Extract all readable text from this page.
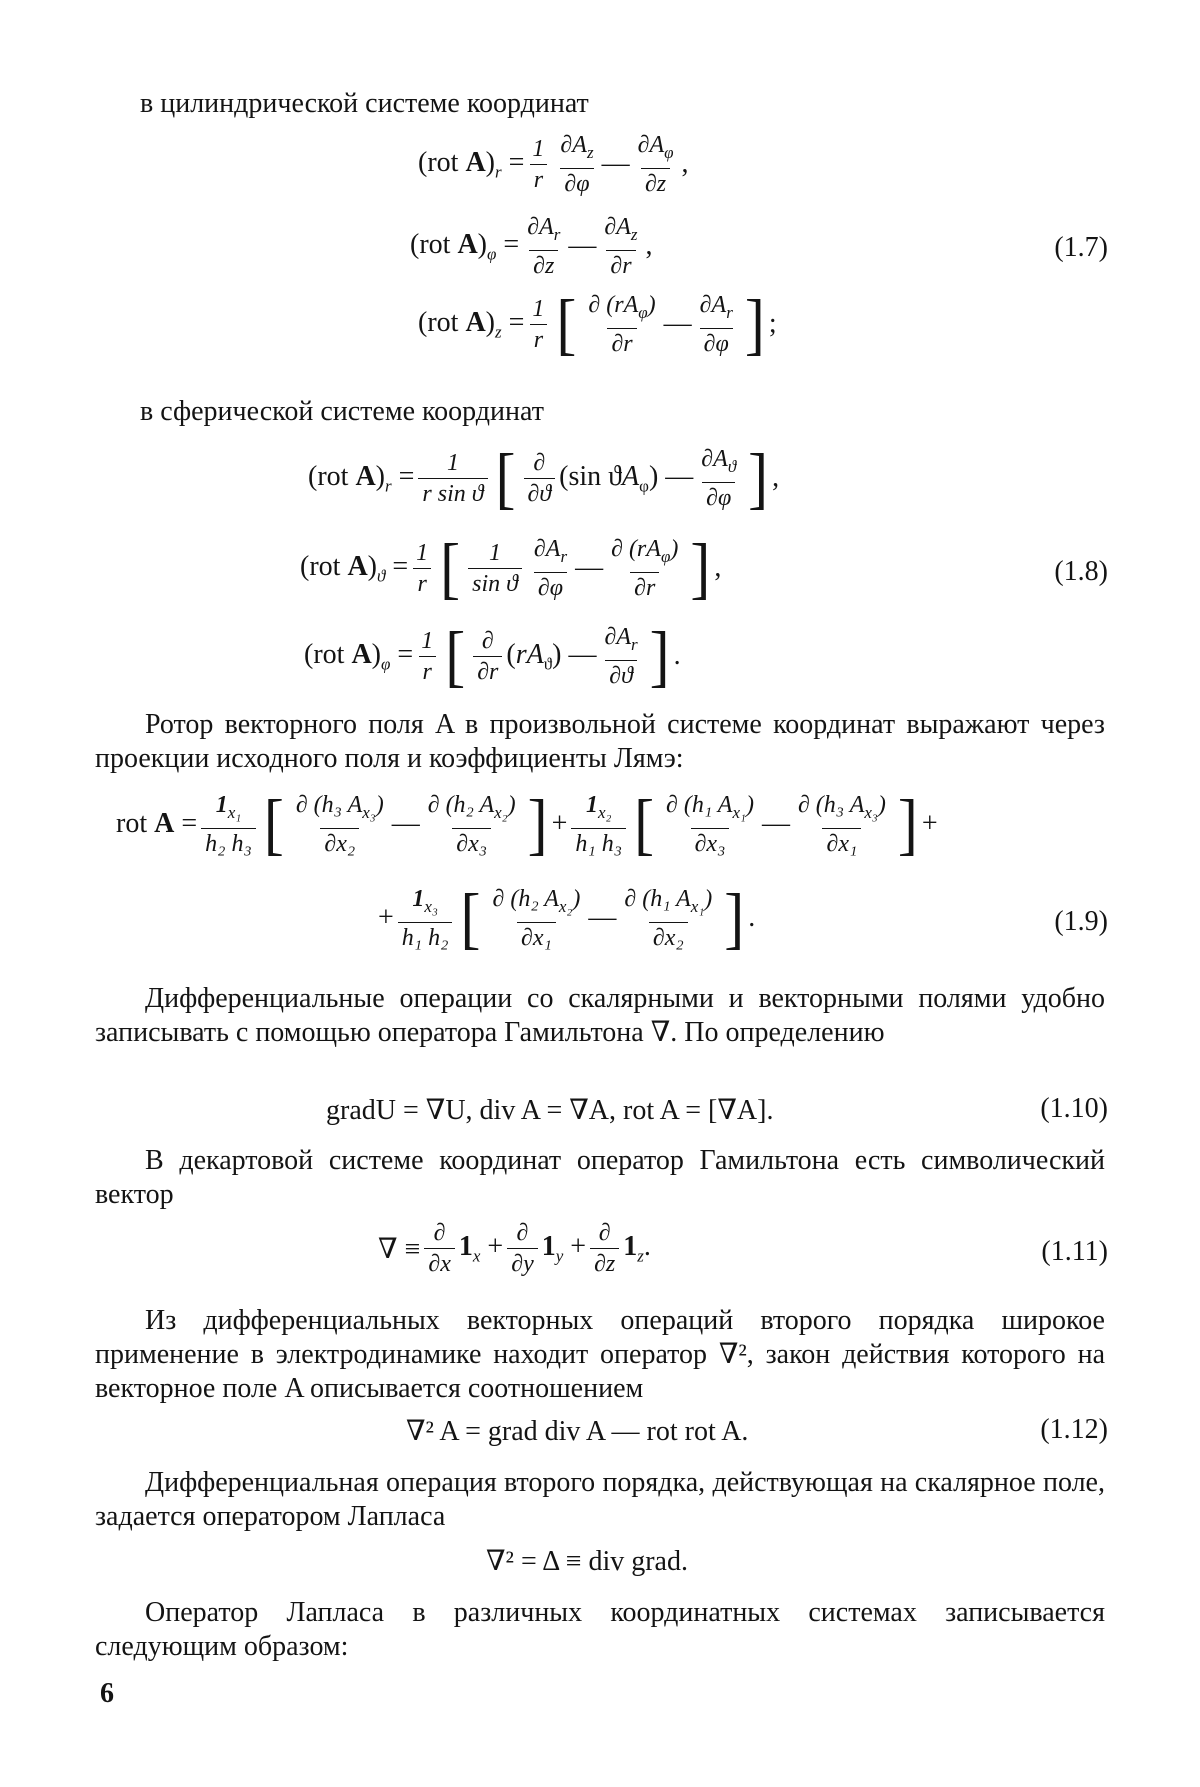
в цилиндрической системе координат
(rot $A)_r = \frac{1}{r} \frac{\partial A_z}{\partial\varphi}$ — $\frac{\partial A_\varphi}{\partial z}$ ,
(rot $A)_\varphi = \frac{\partial A_r}{\partial z}$ — $\frac{\partial A_z}{\partial r}$ ,	(1.7)
(rot $A)_z = \frac{1}{r}$ [ $\frac{\partial (rA_\varphi)}{\partial r}$ — $\frac{\partial A_r}{\partial\varphi}$ ] ;
в сферической системе координат
(rot $A)_r = \frac{1}{\text{r sin ϑ}}$ [ $\frac{\partial}{\partial ϑ} (\sin$ $ϑA_\varphi$) — $\frac{\partial A_ϑ}{\partial\varphi}$ ] ,
(rot $A)_ϑ = \frac{1}{r}$ [ $\frac{1}{\text{sin ϑ}} \frac{\partial A_r}{\partial\varphi}$ — $\frac{\partial (rA_\varphi)}{\partial r}$ ] ,	(1.8)
(rot $A)_\varphi = \frac{1}{r}$ [ $\frac{\partial}{\partial r} (rA_ϑ)$ — $\frac{\partial A_r}{\partial ϑ}$ ] .
Ротор векторного поля A в произвольной системе координат выражают через проекции исходного поля и коэффициенты Лямэ:
rot $A = \frac{1_{x_1}}{\text{h₂ h₃}}$ [ $\frac{\partial (h_3 A_{x_3})}{\text{∂x₂}}$ — $\frac{\partial (h_2 A_{x_2})}{\text{∂x₃}}$ ] + $\frac{1_{x_2}}{\text{h₁ h₃}}$ [ $\frac{\partial (h_1 A_{x_1})}{\text{∂x₃}}$ — $\frac{\partial (h_3 A_{x_3})}{\text{∂x₁}}$ ] +
+ $\frac{1_{x_3}}{\text{h₁ h₂}}$ [ $\frac{\partial (h_2 A_{x_2})}{\text{∂x₁}}$ — $\frac{\partial (h_1 A_{x_1})}{\text{∂x₂}}$ ] .	(1.9)
Дифференциальные операции со скалярными и векторными полями удобно записывать с помощью оператора Гамильтона ∇. По определению
gradU = ∇U, div A = ∇A, rot A = [∇A].	(1.10)
В декартовой системе координат оператор Гамильтона есть символический вектор
∇ ≡ $\frac{\partial}{\partial x} 1_x + \frac{\partial}{\partial y} 1_y + \frac{\partial}{\partial z} 1_z$.	(1.11)
Из дифференциальных векторных операций второго порядка широкое применение в электродинамике находит оператор ∇², закон действия которого на векторное поле A описывается соотношением
∇² A = grad div A — rot rot A.	(1.12)
Дифференциальная операция второго порядка, действующая на скалярное поле, задается оператором Лапласа
∇² = Δ ≡ div grad.
Оператор Лапласа в различных координатных системах записывается следующим образом:
6
